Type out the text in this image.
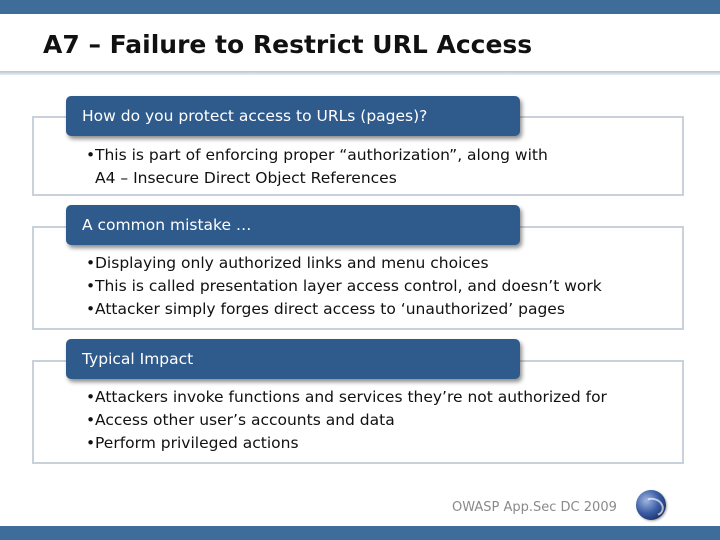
A7 – Failure to Restrict URL Access
How do you protect access to URLs (pages)?
• This is part of enforcing proper “authorization”, along with
A4 – Insecure Direct Object References
A common mistake …
• Displaying only authorized links and menu choices
• This is called presentation layer access control, and doesn’t work
• Attacker simply forges direct access to ‘unauthorized’ pages
Typical Impact
• Attackers invoke functions and services they’re not authorized for
• Access other user’s accounts and data
• Perform privileged actions
OWASP App.Sec DC 2009
